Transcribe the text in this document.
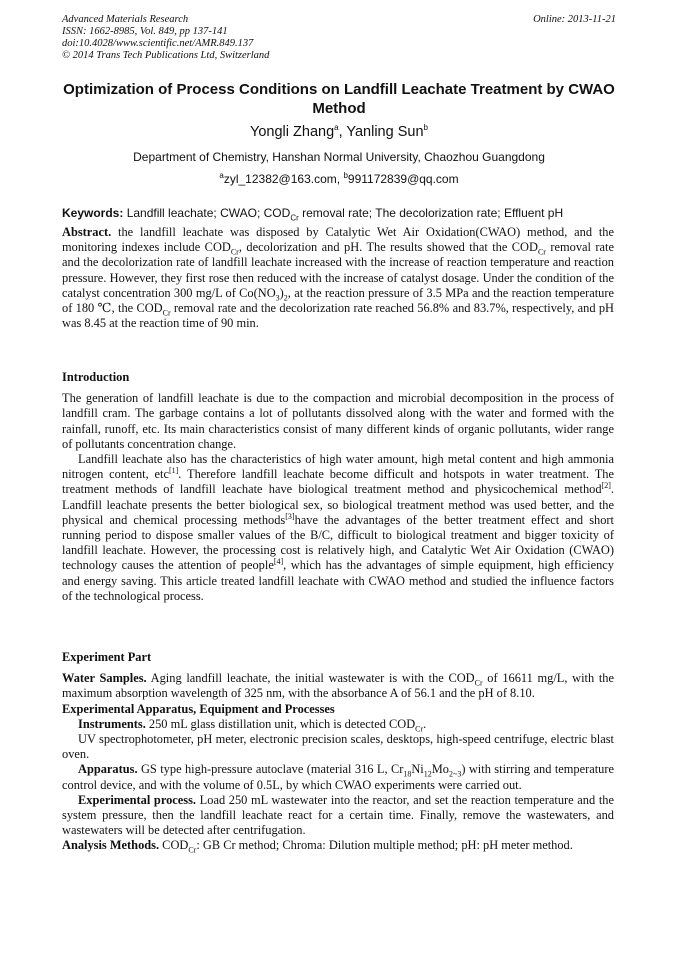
Advanced Materials Research
ISSN: 1662-8985, Vol. 849, pp 137-141
doi:10.4028/www.scientific.net/AMR.849.137
© 2014 Trans Tech Publications Ltd, Switzerland
Online: 2013-11-21
Optimization of Process Conditions on Landfill Leachate Treatment by CWAO Method
Yongli Zhang$^a$, Yanling Sun$^b$
Department of Chemistry, Hanshan Normal University, Chaozhou Guangdong
$^a$zyl_12382@163.com, $^b$991172839@qq.com
Keywords: Landfill leachate; CWAO; $COD_{Cr}$ removal rate; The decolorization rate; Effluent pH

Abstract. the landfill leachate was disposed by Catalytic Wet Air Oxidation(CWAO) method, and the monitoring indexes include $COD_{Cr}$, decolorization and pH. The results showed that the $COD_{Cr}$ removal rate and the decolorization rate of landfill leachate increased with the increase of reaction temperature and reaction pressure. However, they first rose then reduced with the increase of catalyst dosage. Under the condition of the catalyst concentration 300 mg/L of $Co(NO_3)_2$, at the reaction pressure of 3.5 MPa and the reaction temperature of 180 ℃, the $COD_{Cr}$ removal rate and the decolorization rate reached 56.8% and 83.7%, respectively, and pH was 8.45 at the reaction time of 90 min.

Introduction

The generation of landfill leachate is due to the compaction and microbial decomposition in the process of landfill cram. The garbage contains a lot of pollutants dissolved along with the water and formed with the rainfall, runoff, etc. Its main characteristics consist of many different kinds of organic pollutants, wider range of pollutants concentration change.

Landfill leachate also has the characteristics of high water amount, high metal content and high ammonia nitrogen content, etc[1]. Therefore landfill leachate become difficult and hotspots in water treatment. The treatment methods of landfill leachate have biological treatment method and physicochemical method[2]. Landfill leachate presents the better biological sex, so biological treatment method was used better, and the physical and chemical processing methods[3]have the advantages of the better treatment effect and short running period to dispose smaller values of the B/C, difficult to biological treatment and bigger toxicity of landfill leachate. However, the processing cost is relatively high, and Catalytic Wet Air Oxidation (CWAO) technology causes the attention of people[4], which has the advantages of simple equipment, high efficiency and energy saving. This article treated landfill leachate with CWAO method and studied the influence factors of the technological process.

Experiment Part

Water Samples. Aging landfill leachate, the initial wastewater is with the $COD_{Cr}$ of 16611 mg/L, with the maximum absorption wavelength of 325 nm, with the absorbance A of 56.1 and the pH of 8.10.

Experimental Apparatus, Equipment and Processes

Instruments. 250 mL glass distillation unit, which is detected $COD_{Cr}$.

UV spectrophotometer, pH meter, electronic precision scales, desktops, high-speed centrifuge, electric blast oven.

Apparatus. GS type high-pressure autoclave (material 316 L, $Cr_{18}Ni_{12}Mo_{2\sim 3}$) with stirring and temperature control device, and with the volume of 0.5L, by which CWAO experiments were carried out.

Experimental process. Load 250 mL wastewater into the reactor, and set the reaction temperature and the system pressure, then the landfill leachate react for a certain time. Finally, remove the wastewaters, and wastewaters will be detected after centrifugation.

Analysis Methods. $COD_{Cr}$: GB Cr method; Chroma: Dilution multiple method; pH: pH meter method.
